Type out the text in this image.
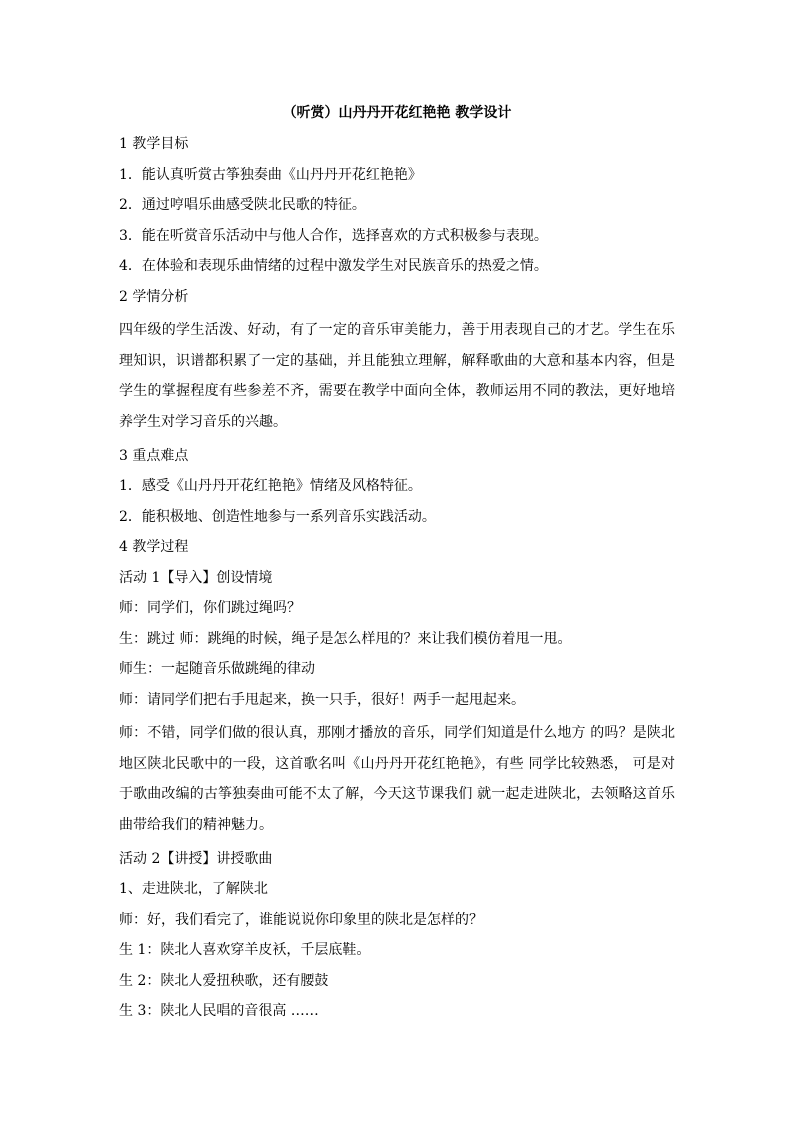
（听赏）山丹丹开花红艳艳 教学设计
1 教学目标
1．能认真听赏古筝独奏曲《山丹丹开花红艳艳》
2．通过哼唱乐曲感受陕北民歌的特征。
3．能在听赏音乐活动中与他人合作，选择喜欢的方式积极参与表现。
4．在体验和表现乐曲情绪的过程中激发学生对民族音乐的热爱之情。
2 学情分析
四年级的学生活泼、好动，有了一定的音乐审美能力，善于用表现自己的才艺。学生在乐理知识，识谱都积累了一定的基础，并且能独立理解，解释歌曲的大意和基本内容，但是学生的掌握程度有些参差不齐，需要在教学中面向全体，教师运用不同的教法，更好地培养学生对学习音乐的兴趣。
3 重点难点
1．感受《山丹丹开花红艳艳》情绪及风格特征。
2．能积极地、创造性地参与一系列音乐实践活动。
4 教学过程
活动 1【导入】创设情境
师：同学们，你们跳过绳吗？
生：跳过 师：跳绳的时候，绳子是怎么样甩的？来让我们模仿着甩一甩。
师生：一起随音乐做跳绳的律动
师：请同学们把右手甩起来，换一只手，很好！两手一起甩起来。
师：不错，同学们做的很认真，那刚才播放的音乐，同学们知道是什么地方 的吗？是陕北地区陕北民歌中的一段，这首歌名叫《山丹丹开花红艳艳》，有些 同学比较熟悉， 可是对于歌曲改编的古筝独奏曲可能不太了解，今天这节课我们 就一起走进陕北，去领略这首乐曲带给我们的精神魅力。
活动 2【讲授】讲授歌曲
1、走进陕北，了解陕北
师：好，我们看完了，谁能说说你印象里的陕北是怎样的？
生 1：陕北人喜欢穿羊皮袄，千层底鞋。
生 2：陕北人爱扭秧歌，还有腰鼓
生 3：陕北人民唱的音很高 ……
